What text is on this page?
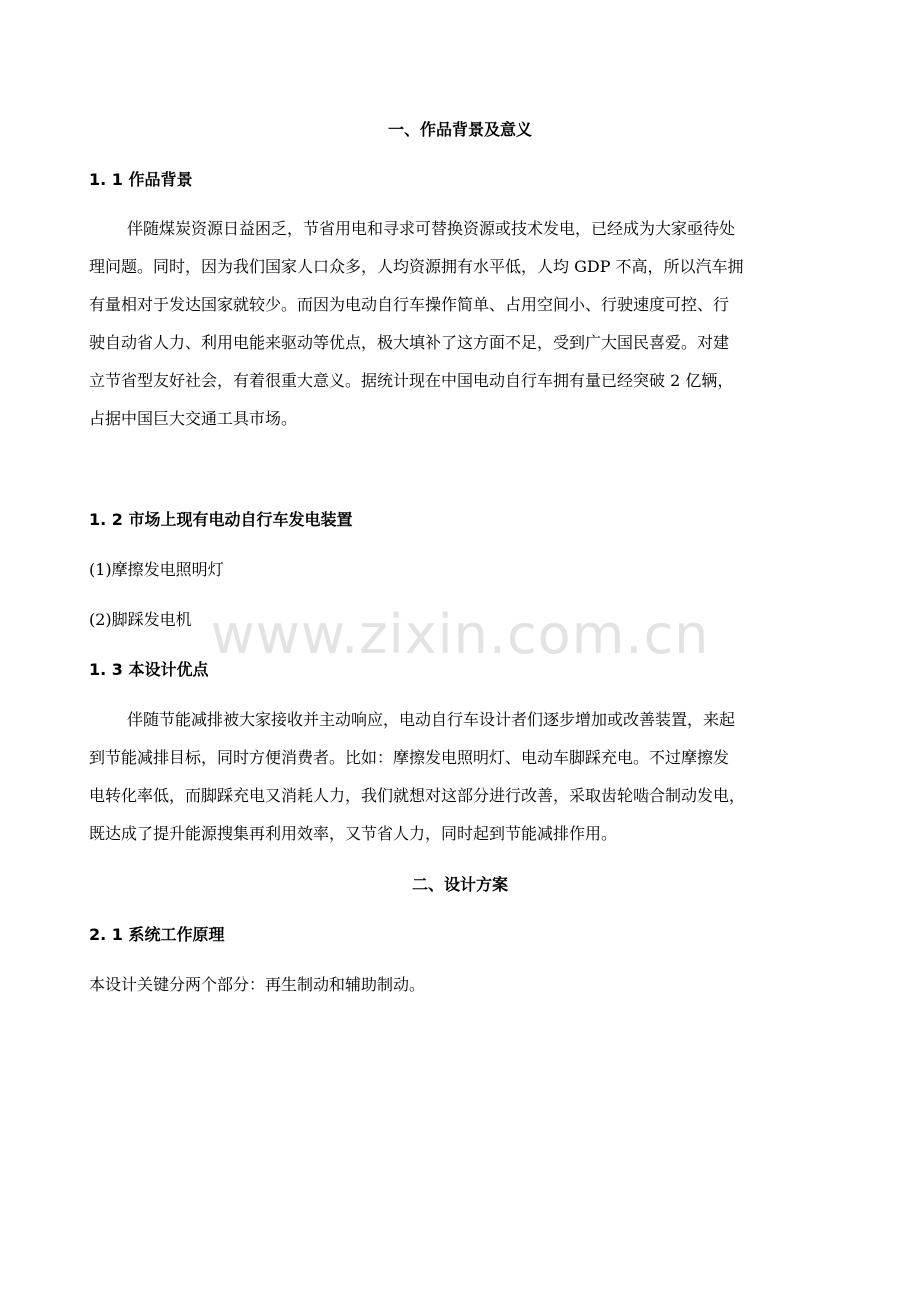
www.zixin.com.cn
一、作品背景及意义
1. 1 作品背景
伴随煤炭资源日益困乏，节省用电和寻求可替换资源或技术发电，已经成为大家亟待处
理问题。同时，因为我们国家人口众多，人均资源拥有水平低，人均 GDP 不高，所以汽车拥
有量相对于发达国家就较少。而因为电动自行车操作简单、占用空间小、行驶速度可控、行
驶自动省人力、利用电能来驱动等优点，极大填补了这方面不足，受到广大国民喜爱。对建
立节省型友好社会，有着很重大意义。据统计现在中国电动自行车拥有量已经突破 2 亿辆，
占据中国巨大交通工具市场。
1. 2 市场上现有电动自行车发电装置
(1)摩擦发电照明灯
(2)脚踩发电机
1. 3 本设计优点
伴随节能减排被大家接收并主动响应，电动自行车设计者们逐步增加或改善装置，来起
到节能减排目标，同时方便消费者。比如：摩擦发电照明灯、电动车脚踩充电。不过摩擦发
电转化率低，而脚踩充电又消耗人力，我们就想对这部分进行改善，采取齿轮啮合制动发电，
既达成了提升能源搜集再利用效率，又节省人力，同时起到节能减排作用。
二、设计方案
2. 1 系统工作原理
本设计关键分两个部分：再生制动和辅助制动。
